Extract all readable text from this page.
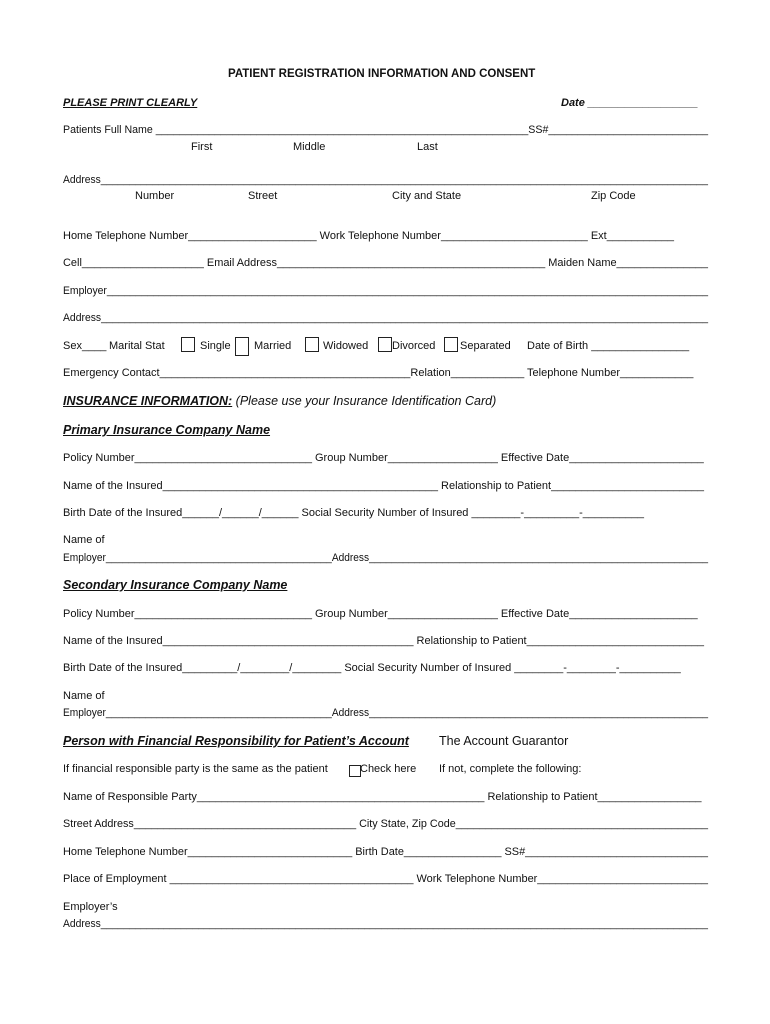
PATIENT REGISTRATION INFORMATION AND CONSENT
PLEASE PRINT CLEARLY	Date __________________
Patients Full Name _______________________________________________________________SS#___________________________
First	Middle	Last
Address__________________________________________________________________________________________________________
Number	Street	City and State	Zip Code
Home Telephone Number_____________________ Work Telephone Number________________________ Ext___________
Cell____________________ Email Address____________________________________________ Maiden Name_______________
Employer________________________________________________________________________________________________________
Address_________________________________________________________________________________________________________
Sex____ Marital Stat	Single Married	Widowed Divorced Separated Date of Birth ________________
Emergency Contact_________________________________________Relation____________ Telephone Number____________
INSURANCE INFORMATION: (Please use your Insurance Identification Card)
Primary Insurance Company Name
Policy Number_____________________________ Group Number__________________ Effective Date______________________
Name of the Insured_____________________________________________ Relationship to Patient_________________________
Birth Date of the Insured______/______/______ Social Security Number of Insured ________-_________-__________
Name of
Employer________________________________________Address____________________________________________________________
Secondary Insurance Company Name
Policy Number_____________________________ Group Number__________________ Effective Date_____________________
Name of the Insured_________________________________________ Relationship to Patient_____________________________
Birth Date of the Insured_________/________/________ Social Security Number of Insured ________-________-__________
Name of
Employer________________________________________Address____________________________________________________________
Person with Financial Responsibility for Patient’s Account The Account Guarantor
If financial responsible party is the same as the patient	Check here If not, complete the following:
Name of Responsible Party_______________________________________________ Relationship to Patient_________________
Street Address_____________________________________ City State, Zip Code__________________________________________
Home Telephone Number___________________________ Birth Date________________ SS#______________________________
Place of Employment ________________________________________ Work Telephone Number____________________________
Employer’s
Address__________________________________________________________________________________________________________
